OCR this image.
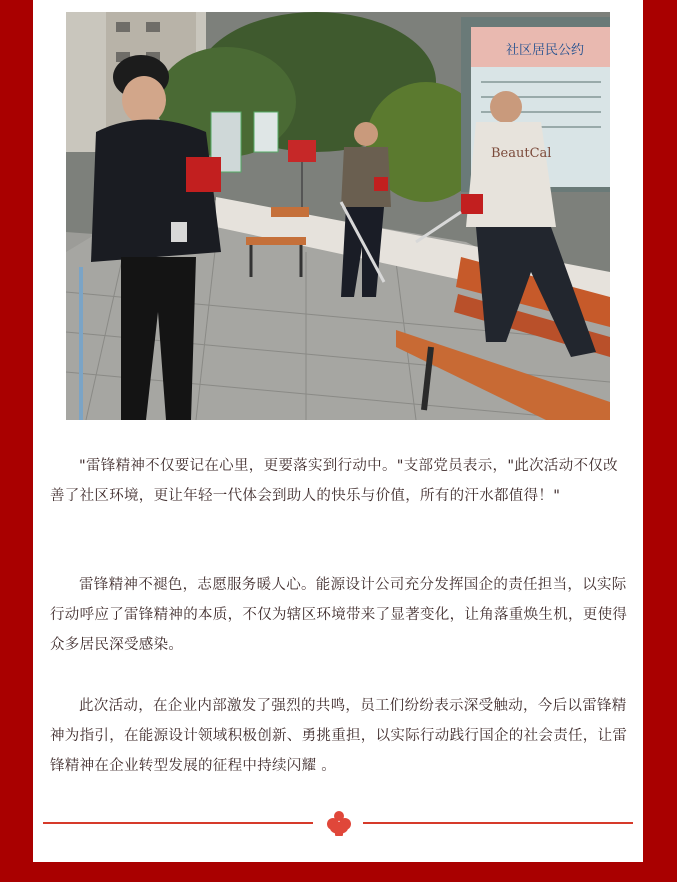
社区居民公约
BeautCal

"雷锋精神不仅要记在心里，更要落实到行动中。"支部党员表示，"此次活动不仅改善了社区环境，更让年轻一代体会到助人的快乐与价值，所有的汗水都值得！"

雷锋精神不褪色，志愿服务暖人心。能源设计公司充分发挥国企的责任担当，以实际行动呼应了雷锋精神的本质，不仅为辖区环境带来了显著变化，让角落重焕生机，更使得众多居民深受感染。

此次活动，在企业内部激发了强烈的共鸣，员工们纷纷表示深受触动，今后以雷锋精神为指引，在能源设计领域积极创新、勇挑重担，以实际行动践行国企的社会责任，让雷锋精神在企业转型发展的征程中持续闪耀 。
